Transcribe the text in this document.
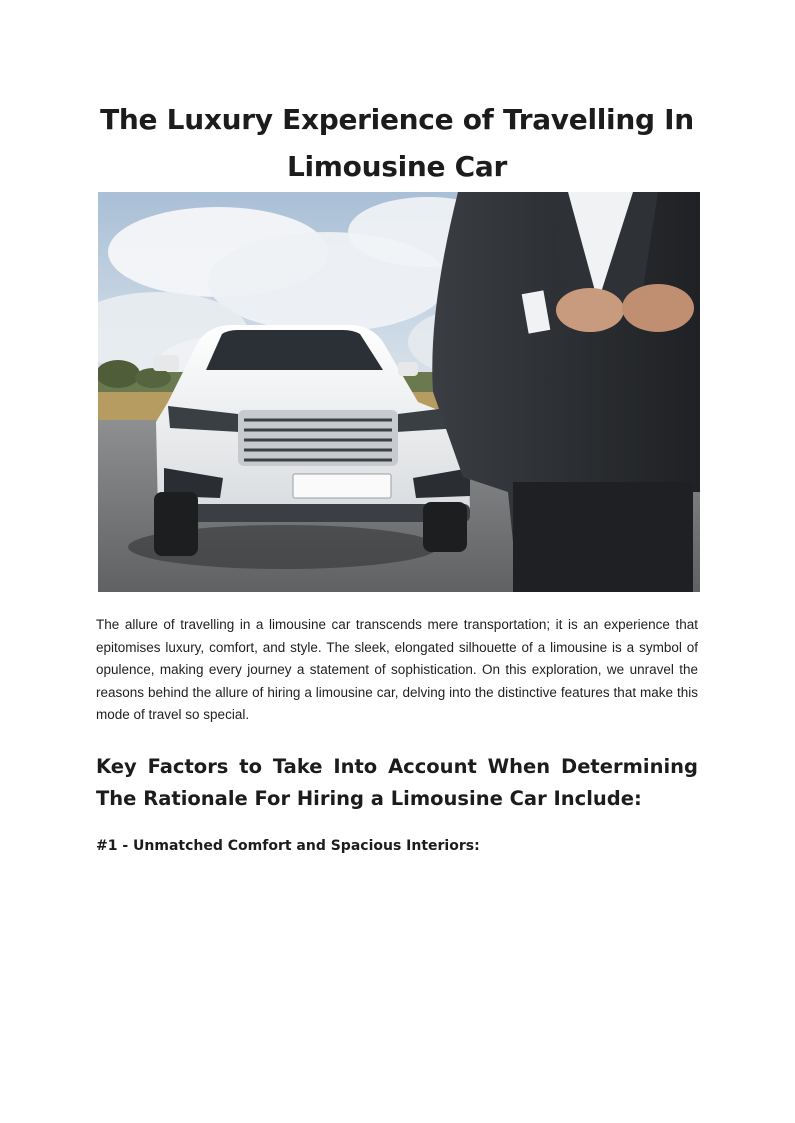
The Luxury Experience of Travelling In Limousine Car

The allure of travelling in a limousine car transcends mere transportation; it is an experience that epitomises luxury, comfort, and style. The sleek, elongated silhouette of a limousine is a symbol of opulence, making every journey a statement of sophistication. On this exploration, we unravel the reasons behind the allure of hiring a limousine car, delving into the distinctive features that make this mode of travel so special.

Key Factors to Take Into Account When Determining The Rationale For Hiring a Limousine Car Include:
#1 - Unmatched Comfort and Spacious Interiors:
